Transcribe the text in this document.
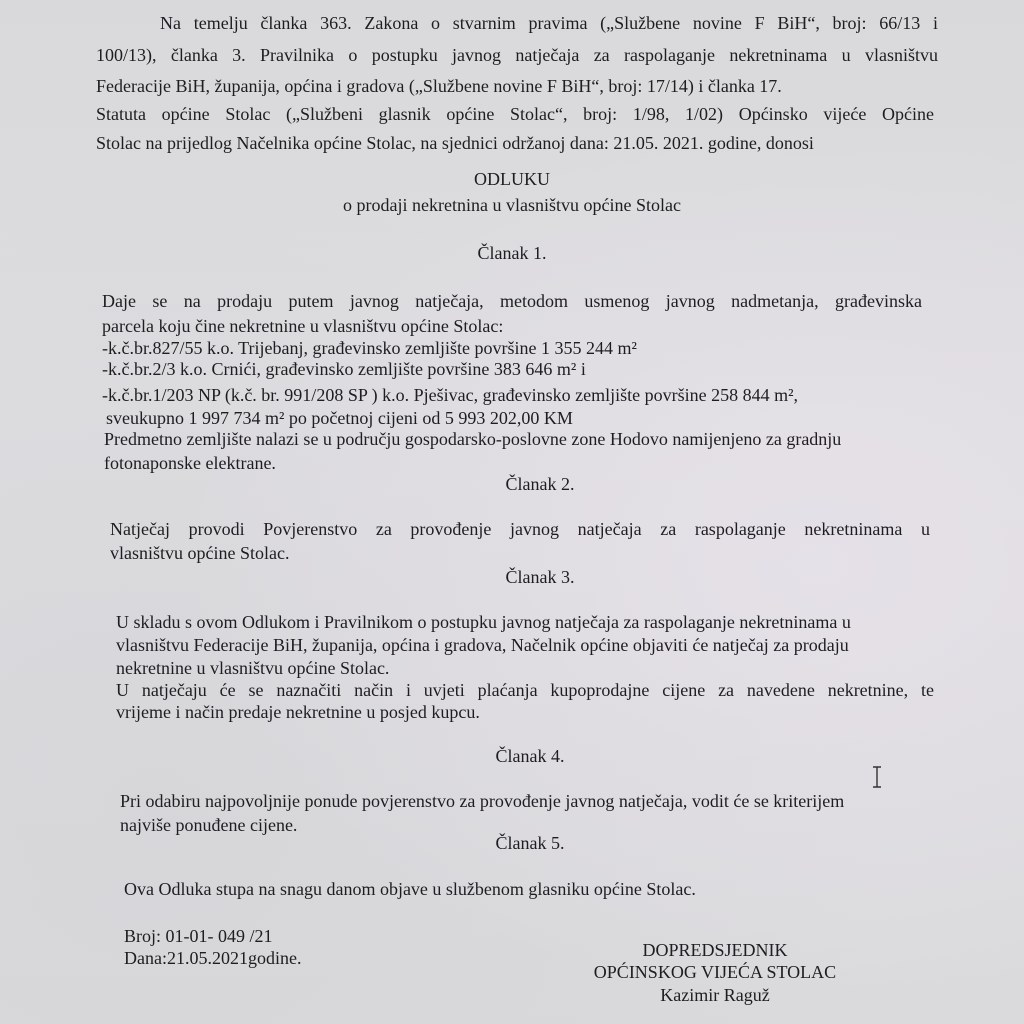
Na temelju članka 363. Zakona o stvarnim pravima („Službene novine F BiH“, broj: 66/13 i
100/13), članka 3. Pravilnika o postupku javnog natječaja za raspolaganje nekretninama u vlasništvu
Federacije BiH, županija, općina i gradova („Službene novine F BiH“, broj: 17/14) i članka 17.
Statuta općine Stolac („Službeni glasnik općine Stolac“, broj: 1/98, 1/02) Općinsko vijeće Općine
Stolac na prijedlog Načelnika općine Stolac, na sjednici održanoj dana: 21.05. 2021. godine, donosi
ODLUKU
o prodaji nekretnina u vlasništvu općine Stolac
Članak 1.
Daje se na prodaju putem javnog natječaja, metodom usmenog javnog nadmetanja, građevinska
parcela koju čine nekretnine u vlasništvu općine Stolac:
-k.č.br.827/55 k.o. Trijebanj, građevinsko zemljište površine 1 355 244 m²
-k.č.br.2/3 k.o. Crnići, građevinsko zemljište površine 383 646 m² i
-k.č.br.1/203 NP (k.č. br. 991/208 SP ) k.o. Pješivac, građevinsko zemljište površine 258 844 m²,
sveukupno 1 997 734 m² po početnoj cijeni od 5 993 202,00 KM
Predmetno zemljište nalazi se u području gospodarsko-poslovne zone Hodovo namijenjeno za gradnju
fotonaponske elektrane.
Članak 2.
Natječaj provodi Povjerenstvo za provođenje javnog natječaja za raspolaganje nekretninama u
vlasništvu općine Stolac.
Članak 3.
U skladu s ovom Odlukom i Pravilnikom o postupku javnog natječaja za raspolaganje nekretninama u
vlasništvu Federacije BiH, županija, općina i gradova, Načelnik općine objaviti će natječaj za prodaju
nekretnine u vlasništvu općine Stolac.
U natječaju će se naznačiti način i uvjeti plaćanja kupoprodajne cijene za navedene nekretnine, te
vrijeme i način predaje nekretnine u posjed kupcu.
Članak 4.
Pri odabiru najpovoljnije ponude povjerenstvo za provođenje javnog natječaja, vodit će se kriterijem
najviše ponuđene cijene.
Članak 5.
Ova Odluka stupa na snagu danom objave u službenom glasniku općine Stolac.
Broj: 01-01- 049 /21
Dana:21.05.2021godine.	DOPREDSJEDNIK
OPĆINSKOG VIJEĆA STOLAC
Kazimir Raguž
